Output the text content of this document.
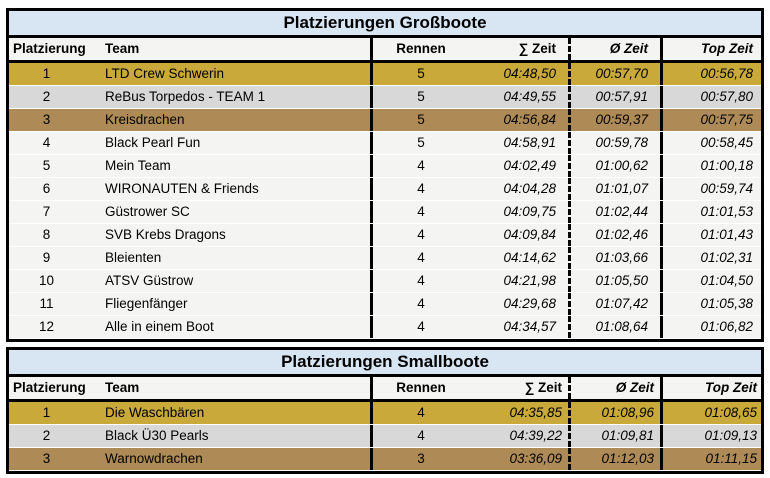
Platzierungen Großboote
Platzierung	Team	Rennen	∑ Zeit	Ø Zeit	Top Zeit
1	LTD Crew Schwerin	5	04:48,50	00:57,70	00:56,78
2	ReBus Torpedos - TEAM 1	5	04:49,55	00:57,91	00:57,80
3	Kreisdrachen	5	04:56,84	00:59,37	00:57,75
4	Black Pearl Fun	5	04:58,91	00:59,78	00:58,45
5	Mein Team	4	04:02,49	01:00,62	01:00,18
6	WIRONAUTEN & Friends	4	04:04,28	01:01,07	00:59,74
7	Güstrower SC	4	04:09,75	01:02,44	01:01,53
8	SVB Krebs Dragons	4	04:09,84	01:02,46	01:01,43
9	Bleienten	4	04:14,62	01:03,66	01:02,31
10	ATSV Güstrow	4	04:21,98	01:05,50	01:04,50
11	Fliegenfänger	4	04:29,68	01:07,42	01:05,38
12	Alle in einem Boot	4	04:34,57	01:08,64	01:06,82
Platzierungen Smallboote
Platzierung	Team	Rennen	∑ Zeit	Ø Zeit	Top Zeit
1	Die Waschbären	4	04:35,85	01:08,96	01:08,65
2	Black Ü30 Pearls	4	04:39,22	01:09,81	01:09,13
3	Warnowdrachen	3	03:36,09	01:12,03	01:11,15
